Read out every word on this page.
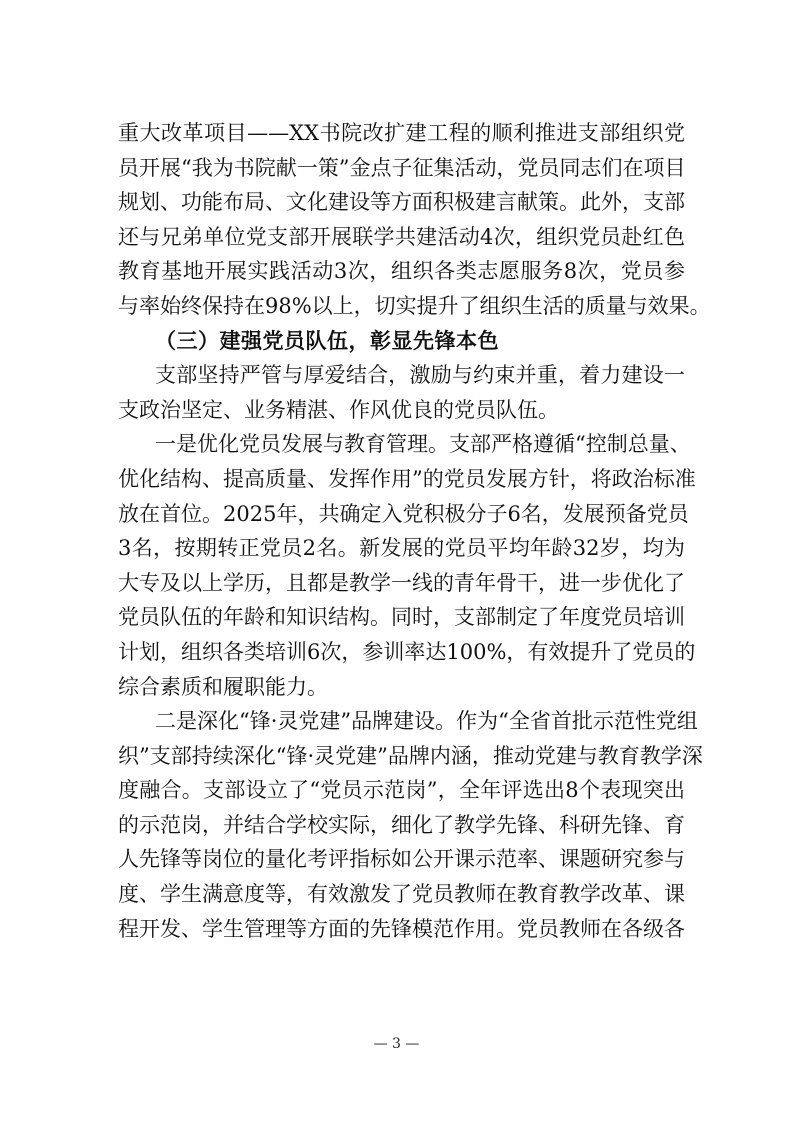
重大改革项目——XX书院改扩建工程的顺利推进支部组织党
员开展“我为书院献一策”金点子征集活动，党员同志们在项目
规划、功能布局、文化建设等方面积极建言献策。此外，支部
还与兄弟单位党支部开展联学共建活动4次，组织党员赴红色
教育基地开展实践活动3次，组织各类志愿服务8次，党员参
与率始终保持在98%以上，切实提升了组织生活的质量与效果。
（三）建强党员队伍，彰显先锋本色
支部坚持严管与厚爱结合，激励与约束并重，着力建设一
支政治坚定、业务精湛、作风优良的党员队伍。
一是优化党员发展与教育管理。支部严格遵循“控制总量、
优化结构、提高质量、发挥作用”的党员发展方针，将政治标准
放在首位。2025年，共确定入党积极分子6名，发展预备党员
3名，按期转正党员2名。新发展的党员平均年龄32岁，均为
大专及以上学历，且都是教学一线的青年骨干，进一步优化了
党员队伍的年龄和知识结构。同时，支部制定了年度党员培训
计划，组织各类培训6次，参训率达100%，有效提升了党员的
综合素质和履职能力。
二是深化“锋·灵党建”品牌建设。作为“全省首批示范性党组
织”支部持续深化“锋·灵党建”品牌内涵，推动党建与教育教学深
度融合。支部设立了“党员示范岗”，全年评选出8个表现突出
的示范岗，并结合学校实际，细化了教学先锋、科研先锋、育
人先锋等岗位的量化考评指标如公开课示范率、课题研究参与
度、学生满意度等，有效激发了党员教师在教育教学改革、课
程开发、学生管理等方面的先锋模范作用。党员教师在各级各
— 3 —
